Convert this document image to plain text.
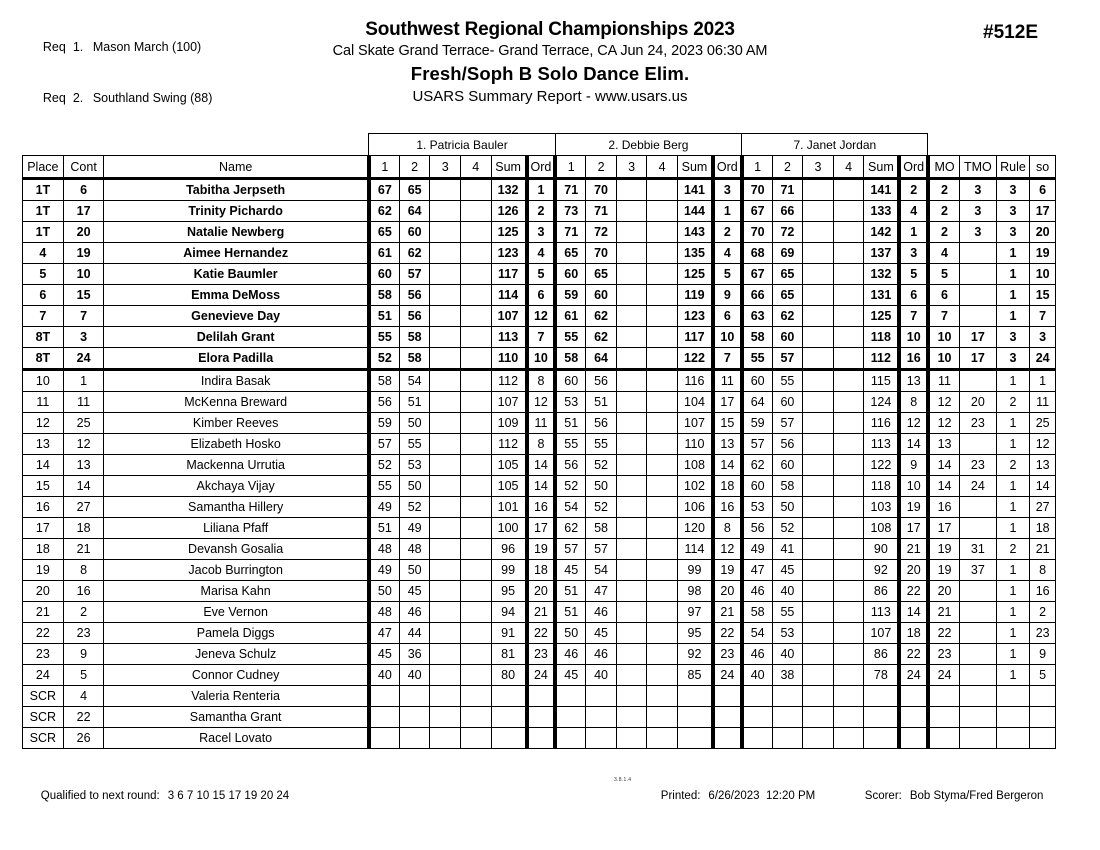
Req 1. Mason March (100)

Req 2. Southland Swing (88)

Southwest Regional Championships 2023
Cal Skate Grand Terrace- Grand Terrace, CA Jun 24, 2023 06:30 AM
Fresh/Soph B Solo Dance Elim.
USARS Summary Report - www.usars.us
#512E
			1. Patricia Bauler						2. Debbie Berg						7. Janet Jordan									
Place	Cont	Name	1	2	3	4	Sum	Ord	1	2	3	4	Sum	Ord	1	2	3	4	Sum	Ord	MO	TMO	Rule	so
1T	6	Tabitha Jerpseth	67	65			132	1	71	70			141	3	70	71			141	2	2	3	3	6
1T	17	Trinity Pichardo	62	64			126	2	73	71			144	1	67	66			133	4	2	3	3	17
1T	20	Natalie Newberg	65	60			125	3	71	72			143	2	70	72			142	1	2	3	3	20
4	19	Aimee Hernandez	61	62			123	4	65	70			135	4	68	69			137	3	4		1	19
5	10	Katie Baumler	60	57			117	5	60	65			125	5	67	65			132	5	5		1	10
6	15	Emma DeMoss	58	56			114	6	59	60			119	9	66	65			131	6	6		1	15
7	7	Genevieve Day	51	56			107	12	61	62			123	6	63	62			125	7	7		1	7
8T	3	Delilah Grant	55	58			113	7	55	62			117	10	58	60			118	10	10	17	3	3
8T	24	Elora Padilla	52	58			110	10	58	64			122	7	55	57			112	16	10	17	3	24
10	1	Indira Basak	58	54			112	8	60	56			116	11	60	55			115	13	11		1	1
11	11	McKenna Breward	56	51			107	12	53	51			104	17	64	60			124	8	12	20	2	11
12	25	Kimber Reeves	59	50			109	11	51	56			107	15	59	57			116	12	12	23	1	25
13	12	Elizabeth Hosko	57	55			112	8	55	55			110	13	57	56			113	14	13		1	12
14	13	Mackenna Urrutia	52	53			105	14	56	52			108	14	62	60			122	9	14	23	2	13
15	14	Akchaya Vijay	55	50			105	14	52	50			102	18	60	58			118	10	14	24	1	14
16	27	Samantha Hillery	49	52			101	16	54	52			106	16	53	50			103	19	16		1	27
17	18	Liliana Pfaff	51	49			100	17	62	58			120	8	56	52			108	17	17		1	18
18	21	Devansh Gosalia	48	48			96	19	57	57			114	12	49	41			90	21	19	31	2	21
19	8	Jacob Burrington	49	50			99	18	45	54			99	19	47	45			92	20	19	37	1	8
20	16	Marisa Kahn	50	45			95	20	51	47			98	20	46	40			86	22	20		1	16
21	2	Eve Vernon	48	46			94	21	51	46			97	21	58	55			113	14	21		1	2
22	23	Pamela Diggs	47	44			91	22	50	45			95	22	54	53			107	18	22		1	23
23	9	Jeneva Schulz	45	36			81	23	46	46			92	23	46	40			86	22	23		1	9
24	5	Connor Cudney	40	40			80	24	45	40			85	24	40	38			78	24	24		1	5
SCR	4	Valeria Renteria																						
SCR	22	Samantha Grant																						
SCR	26	Racel Lovato																						

Qualified to next round: 3 6 7 10 15 17 19 20 24

3.8.1.4

Printed: 6/26/2023  12:20 PM
	Scorer: Bob Styma/Fred Bergeron
